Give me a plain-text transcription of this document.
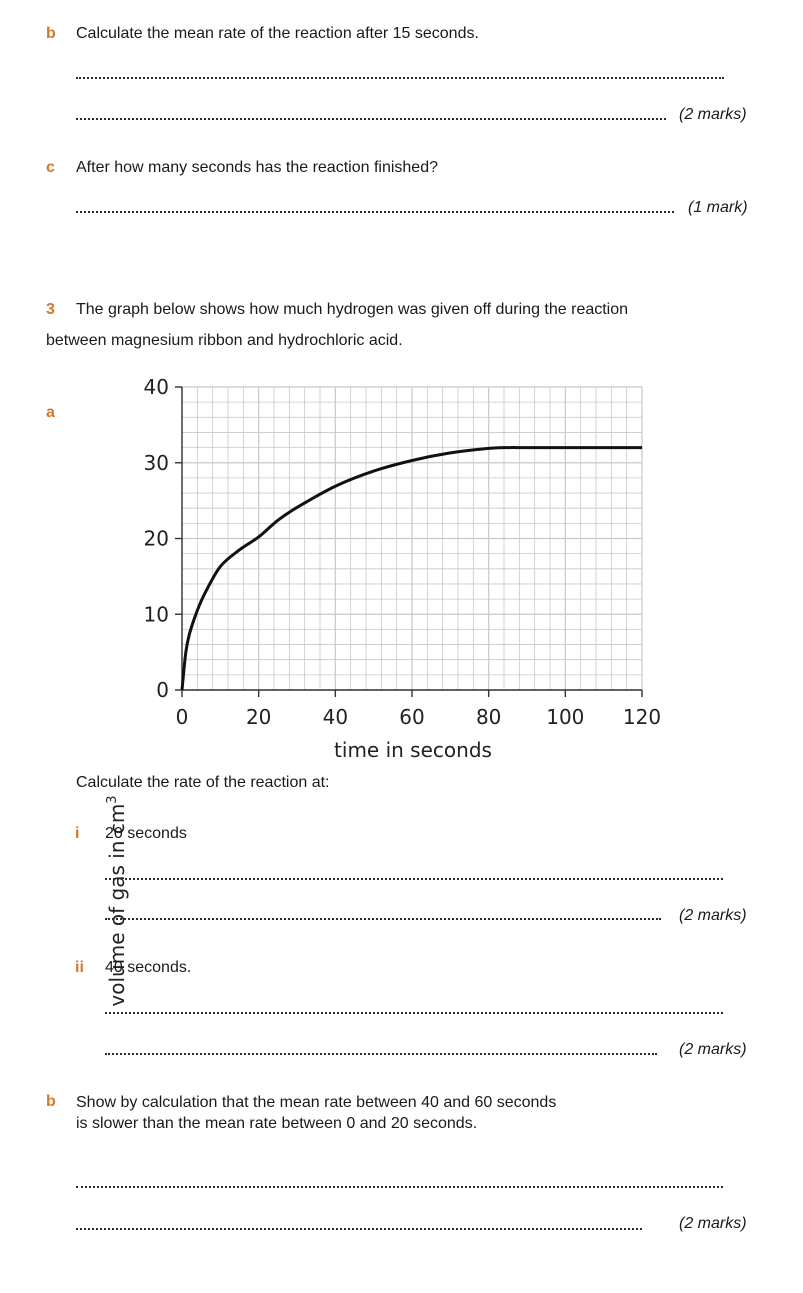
b Calculate the mean rate of the reaction after 15 seconds.
(2 marks)
c After how many seconds has the reaction finished?
(1 mark)
3 The graph below shows how much hydrogen was given off during the reaction
between magnesium ribbon and hydrochloric acid.
a
0	20	40	60	80 100 120
0
10
20
30
40
time in seconds
volume of gas in $cm^3$
Calculate the rate of the reaction at:
i 20 seconds
(2 marks)
ii 40 seconds.
(2 marks)
b Show by calculation that the mean rate between 40 and 60 seconds is slower than the mean rate between 0 and 20 seconds.
(2 marks)
